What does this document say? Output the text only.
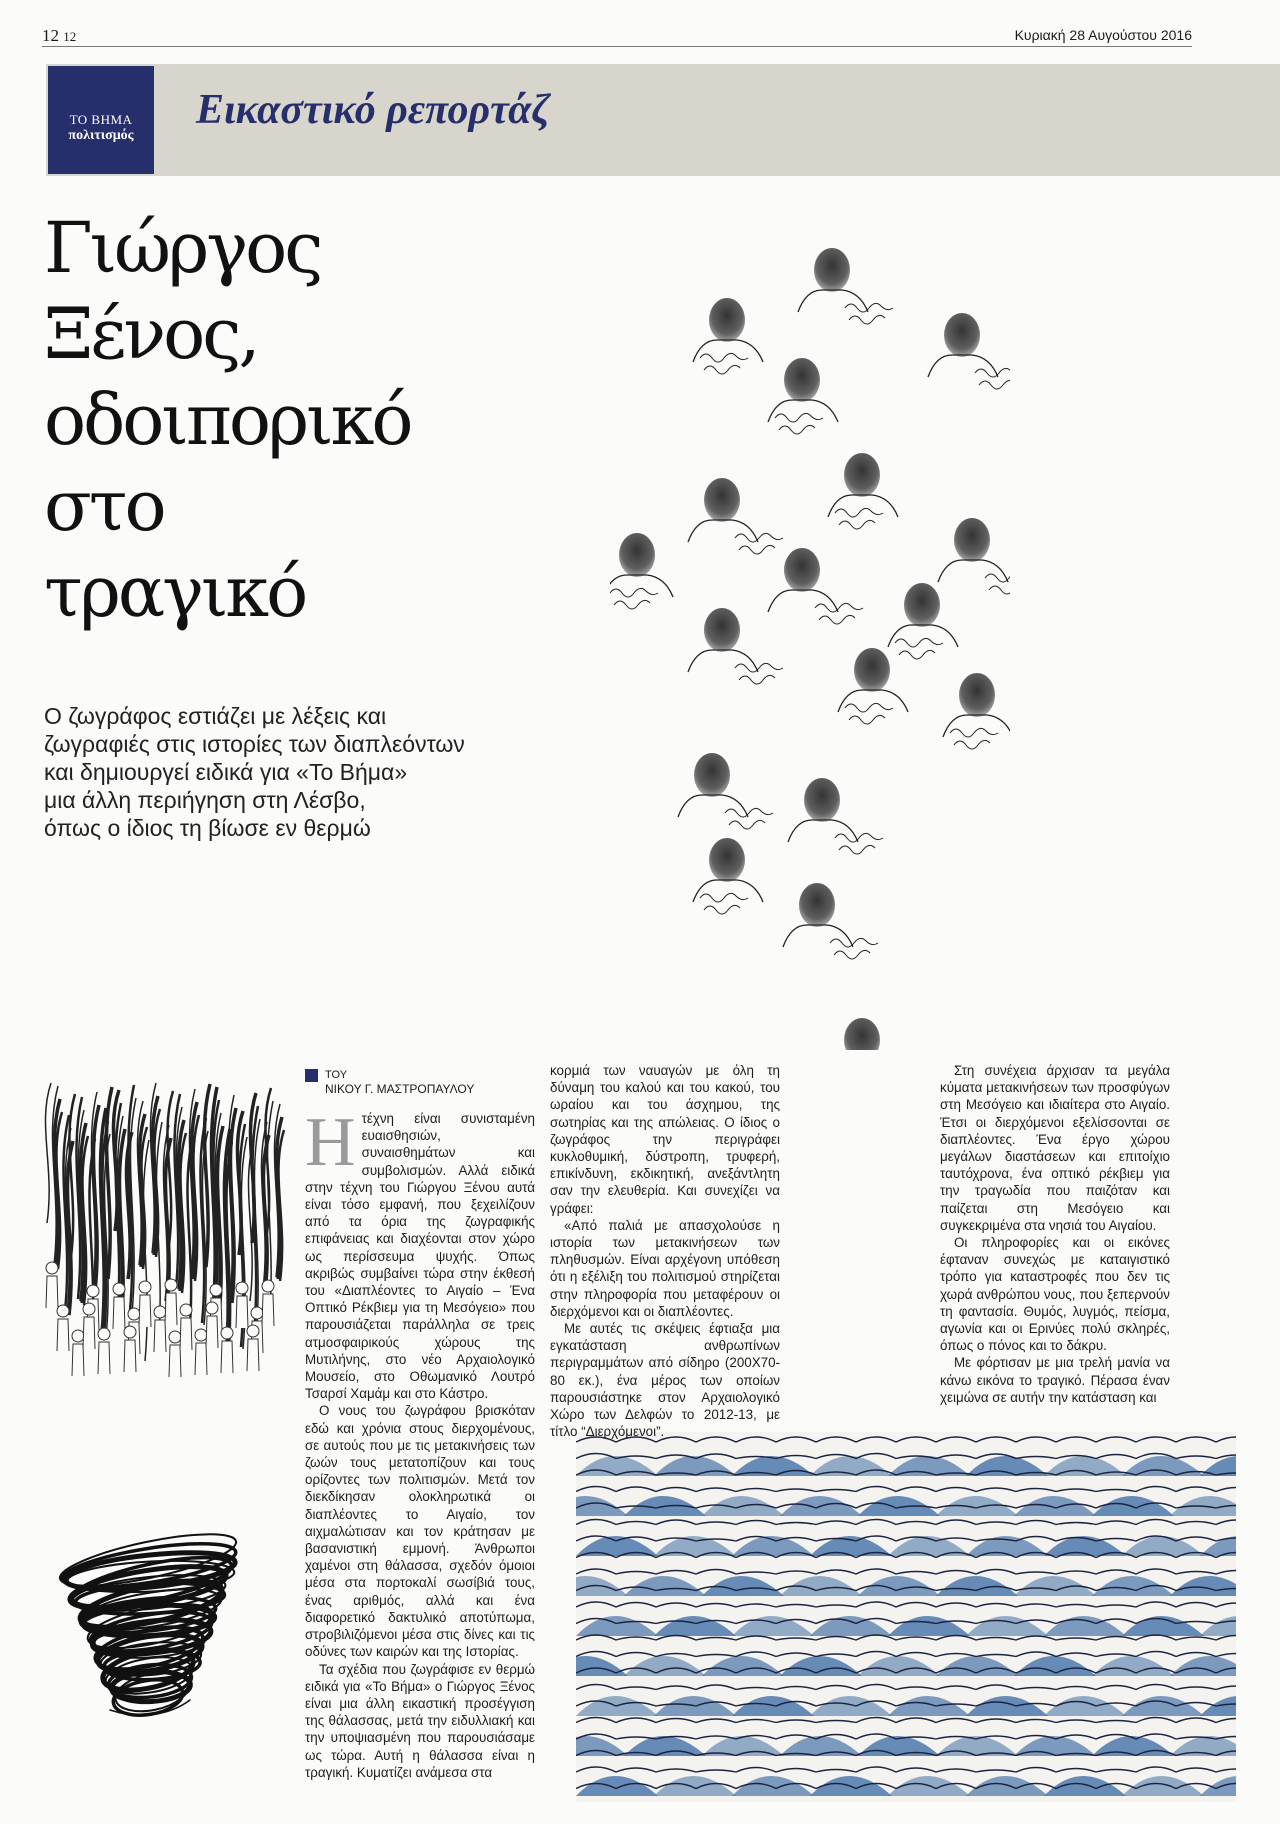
12 12	Κυριακή 28 Αυγούστου 2016
ΤΟ ΒΗΜΑ
πολιτισμός
Εικαστικό ρεπορτάζ
Γιώργος
Ξένος,
οδοιπορικό
στο
τραγικό
Ο ζωγράφος εστιάζει με λέξεις και
ζωγραφιές στις ιστορίες των διαπλεόντων
και δημιουργεί ειδικά για «Το Βήμα»
μια άλλη περιήγηση στη Λέσβο,
όπως ο ίδιος τη βίωσε εν θερμώ
ΤΟΥ
ΝΙΚΟΥ Γ. ΜΑΣΤΡΟΠΑΥΛΟΥ

Ητέχνη είναι συνισταμένη ευαισθησιών, συναισθημάτων και συμβολισμών. Αλλά ειδικά στην τέχνη του Γιώργου Ξένου αυτά είναι τόσο εμφανή, που ξεχειλίζουν από τα όρια της ζωγραφικής επιφάνειας και διαχέονται στον χώρο ως περίσσευμα ψυχής. Όπως ακριβώς συμβαίνει τώρα στην έκθεσή του «Διαπλέοντες το Αιγαίο – Ένα Οπτικό Ρέκβιεμ για τη Μεσόγειο» που παρουσιάζεται παράλληλα σε τρεις ατμοσφαιρικούς χώρους της Μυτιλήνης, στο νέο Αρχαιολογικό Μουσείο, στο Οθωμανικό Λουτρό Τσαρσί Χαμάμ και στο Κάστρο.

Ο νους του ζωγράφου βρισκόταν εδώ και χρόνια στους διερχομένους, σε αυτούς που με τις μετακινήσεις των ζωών τους μετατοπίζουν και τους ορίζοντες των πολιτισμών. Μετά τον διεκδίκησαν ολοκληρωτικά οι διαπλέοντες το Αιγαίο, τον αιχμαλώτισαν και τον κράτησαν με βασανιστική εμμονή. Άνθρωποι χαμένοι στη θάλασσα, σχεδόν όμοιοι μέσα στα πορτοκαλί σωσίβιά τους, ένας αριθμός, αλλά και ένα διαφορετικό δακτυλικό αποτύπωμα, στροβιλιζόμενοι μέσα στις δίνες και τις οδύνες των καιρών και της Ιστορίας.

Τα σχέδια που ζωγράφισε εν θερμώ ειδικά για «Το Βήμα» ο Γιώργος Ξένος είναι μια άλλη εικαστική προσέγγιση της θάλασσας, μετά την ειδυλλιακή και την υποψιασμένη που παρουσιάσαμε ως τώρα. Αυτή η θάλασσα είναι η τραγική. Κυματίζει ανάμεσα στα

κορμιά των ναυαγών με όλη τη δύναμη του καλού και του κακού, του ωραίου και του άσχημου, της σωτηρίας και της απώλειας. Ο ίδιος ο ζωγράφος την περιγράφει κυκλοθυμική, δύστροπη, τρυφερή, επικίνδυνη, εκδικητική, ανεξάντλητη σαν την ελευθερία. Και συνεχίζει να γράφει:

«Από παλιά με απασχολούσε η ιστορία των μετακινήσεων των πληθυσμών. Είναι αρχέγονη υπόθεση ότι η εξέλιξη του πολιτισμού στηρίζεται στην πληροφορία που μεταφέρουν οι διερχόμενοι και οι διαπλέοντες.

Με αυτές τις σκέψεις έφτιαξα μια εγκατάσταση ανθρωπίνων περιγραμμάτων από σίδηρο (200Χ70-80 εκ.), ένα μέρος των οποίων παρουσιάστηκε στον Αρχαιολογικό Χώρο των Δελφών το 2012-13, με τίτλο “Διερχόμενοι”.

Στη συνέχεια άρχισαν τα μεγάλα κύματα μετακινήσεων των προσφύγων στη Μεσόγειο και ιδιαίτερα στο Αιγαίο. Έτσι οι διερχόμενοι εξελίσσονται σε διαπλέοντες. Ένα έργο χώρου μεγάλων διαστάσεων και επιτοίχιο ταυτόχρονα, ένα οπτικό ρέκβιεμ για την τραγωδία που παιζόταν και παίζεται στη Μεσόγειο και συγκεκριμένα στα νησιά του Αιγαίου.

Οι πληροφορίες και οι εικόνες έφταναν συνεχώς με καταιγιστικό τρόπο για καταστροφές που δεν τις χωρά ανθρώπου νους, που ξεπερνούν τη φαντασία. Θυμός, λυγμός, πείσμα, αγωνία και οι Ερινύες πολύ σκληρές, όπως ο πόνος και το δάκρυ.

Με φόρτισαν με μια τρελή μανία να κάνω εικόνα το τραγικό. Πέρασα έναν χειμώνα σε αυτήν την κατάσταση και
